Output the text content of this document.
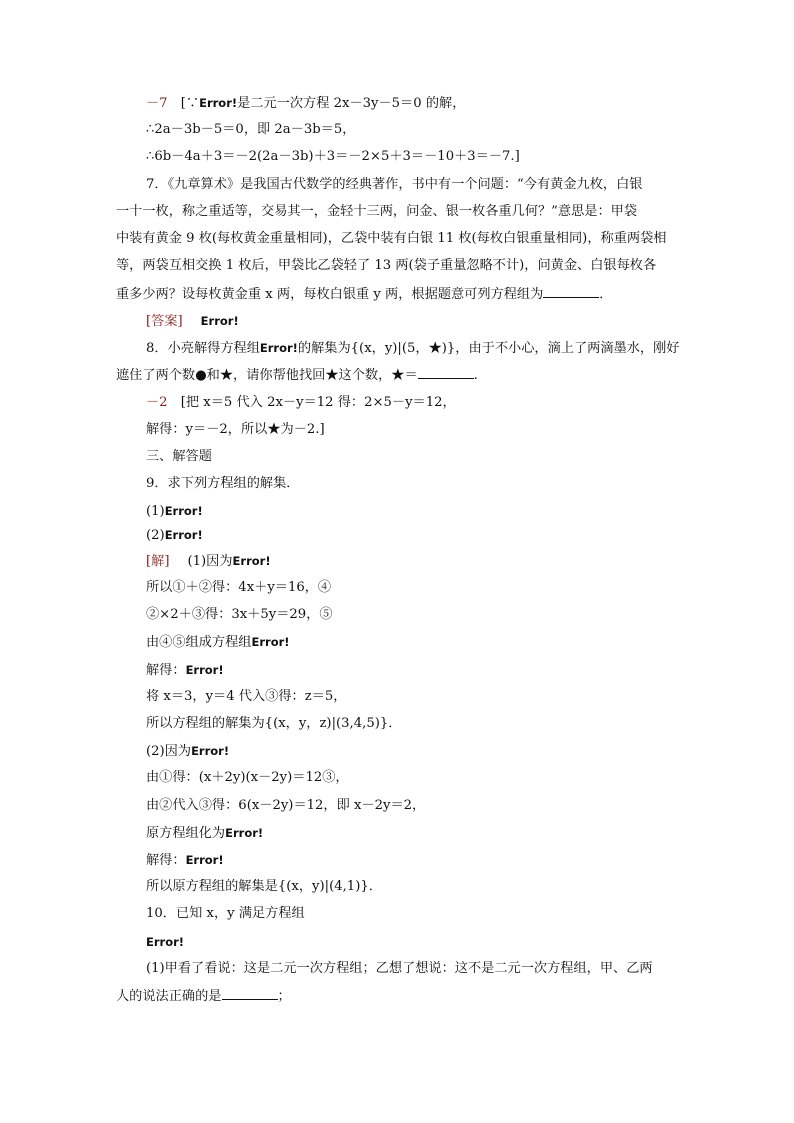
－7　[∵Error!是二元一次方程 2x－3y－5＝0 的解，
∴2a－3b－5＝0，即 2a－3b＝5，
∴6b－4a＋3＝－2(2a－3b)＋3＝－2×5＋3＝－10＋3＝－7.]
7．《九章算术》是我国古代数学的经典著作，书中有一个问题：“今有黄金九枚，白银
一十一枚，称之重适等，交易其一，金轻十三两，问金、银一枚各重几何？”意思是：甲袋
中装有黄金 9 枚(每枚黄金重量相同)，乙袋中装有白银 11 枚(每枚白银重量相同)，称重两袋相
等，两袋互相交换 1 枚后，甲袋比乙袋轻了 13 两(袋子重量忽略不计)，问黄金、白银每枚各
重多少两？设每枚黄金重 x 两，每枚白银重 y 两，根据题意可列方程组为	．
[答案] Error!
8．小亮解得方程组Error!的解集为{(x，y)|(5，★)}，由于不小心，滴上了两滴墨水，刚好
遮住了两个数●和★，请你帮他找回★这个数，★＝	.
－2　[把 x＝5 代入 2x－y＝12 得：2×5－y＝12，
解得：y＝－2，所以★为－2.]
三、解答题
9．求下列方程组的解集．
(1)Error!
(2)Error!
[解] (1)因为Error!
所以①＋②得：4x＋y＝16，④
②×2＋③得：3x＋5y＝29，⑤
由④⑤组成方程组Error!
解得：Error!
将 x＝3，y＝4 代入③得：z＝5，
所以方程组的解集为{(x，y，z)|(3,4,5)}．
(2)因为Error!
由①得：(x＋2y)(x－2y)＝12③，
由②代入③得：6(x－2y)＝12，即 x－2y＝2，
原方程组化为Error!
解得：Error!
所以原方程组的解集是{(x，y)|(4,1)}．
10．已知 x，y 满足方程组
Error!
(1)甲看了看说：这是二元一次方程组；乙想了想说：这不是二元一次方程组，甲、乙两
人的说法正确的是	；
